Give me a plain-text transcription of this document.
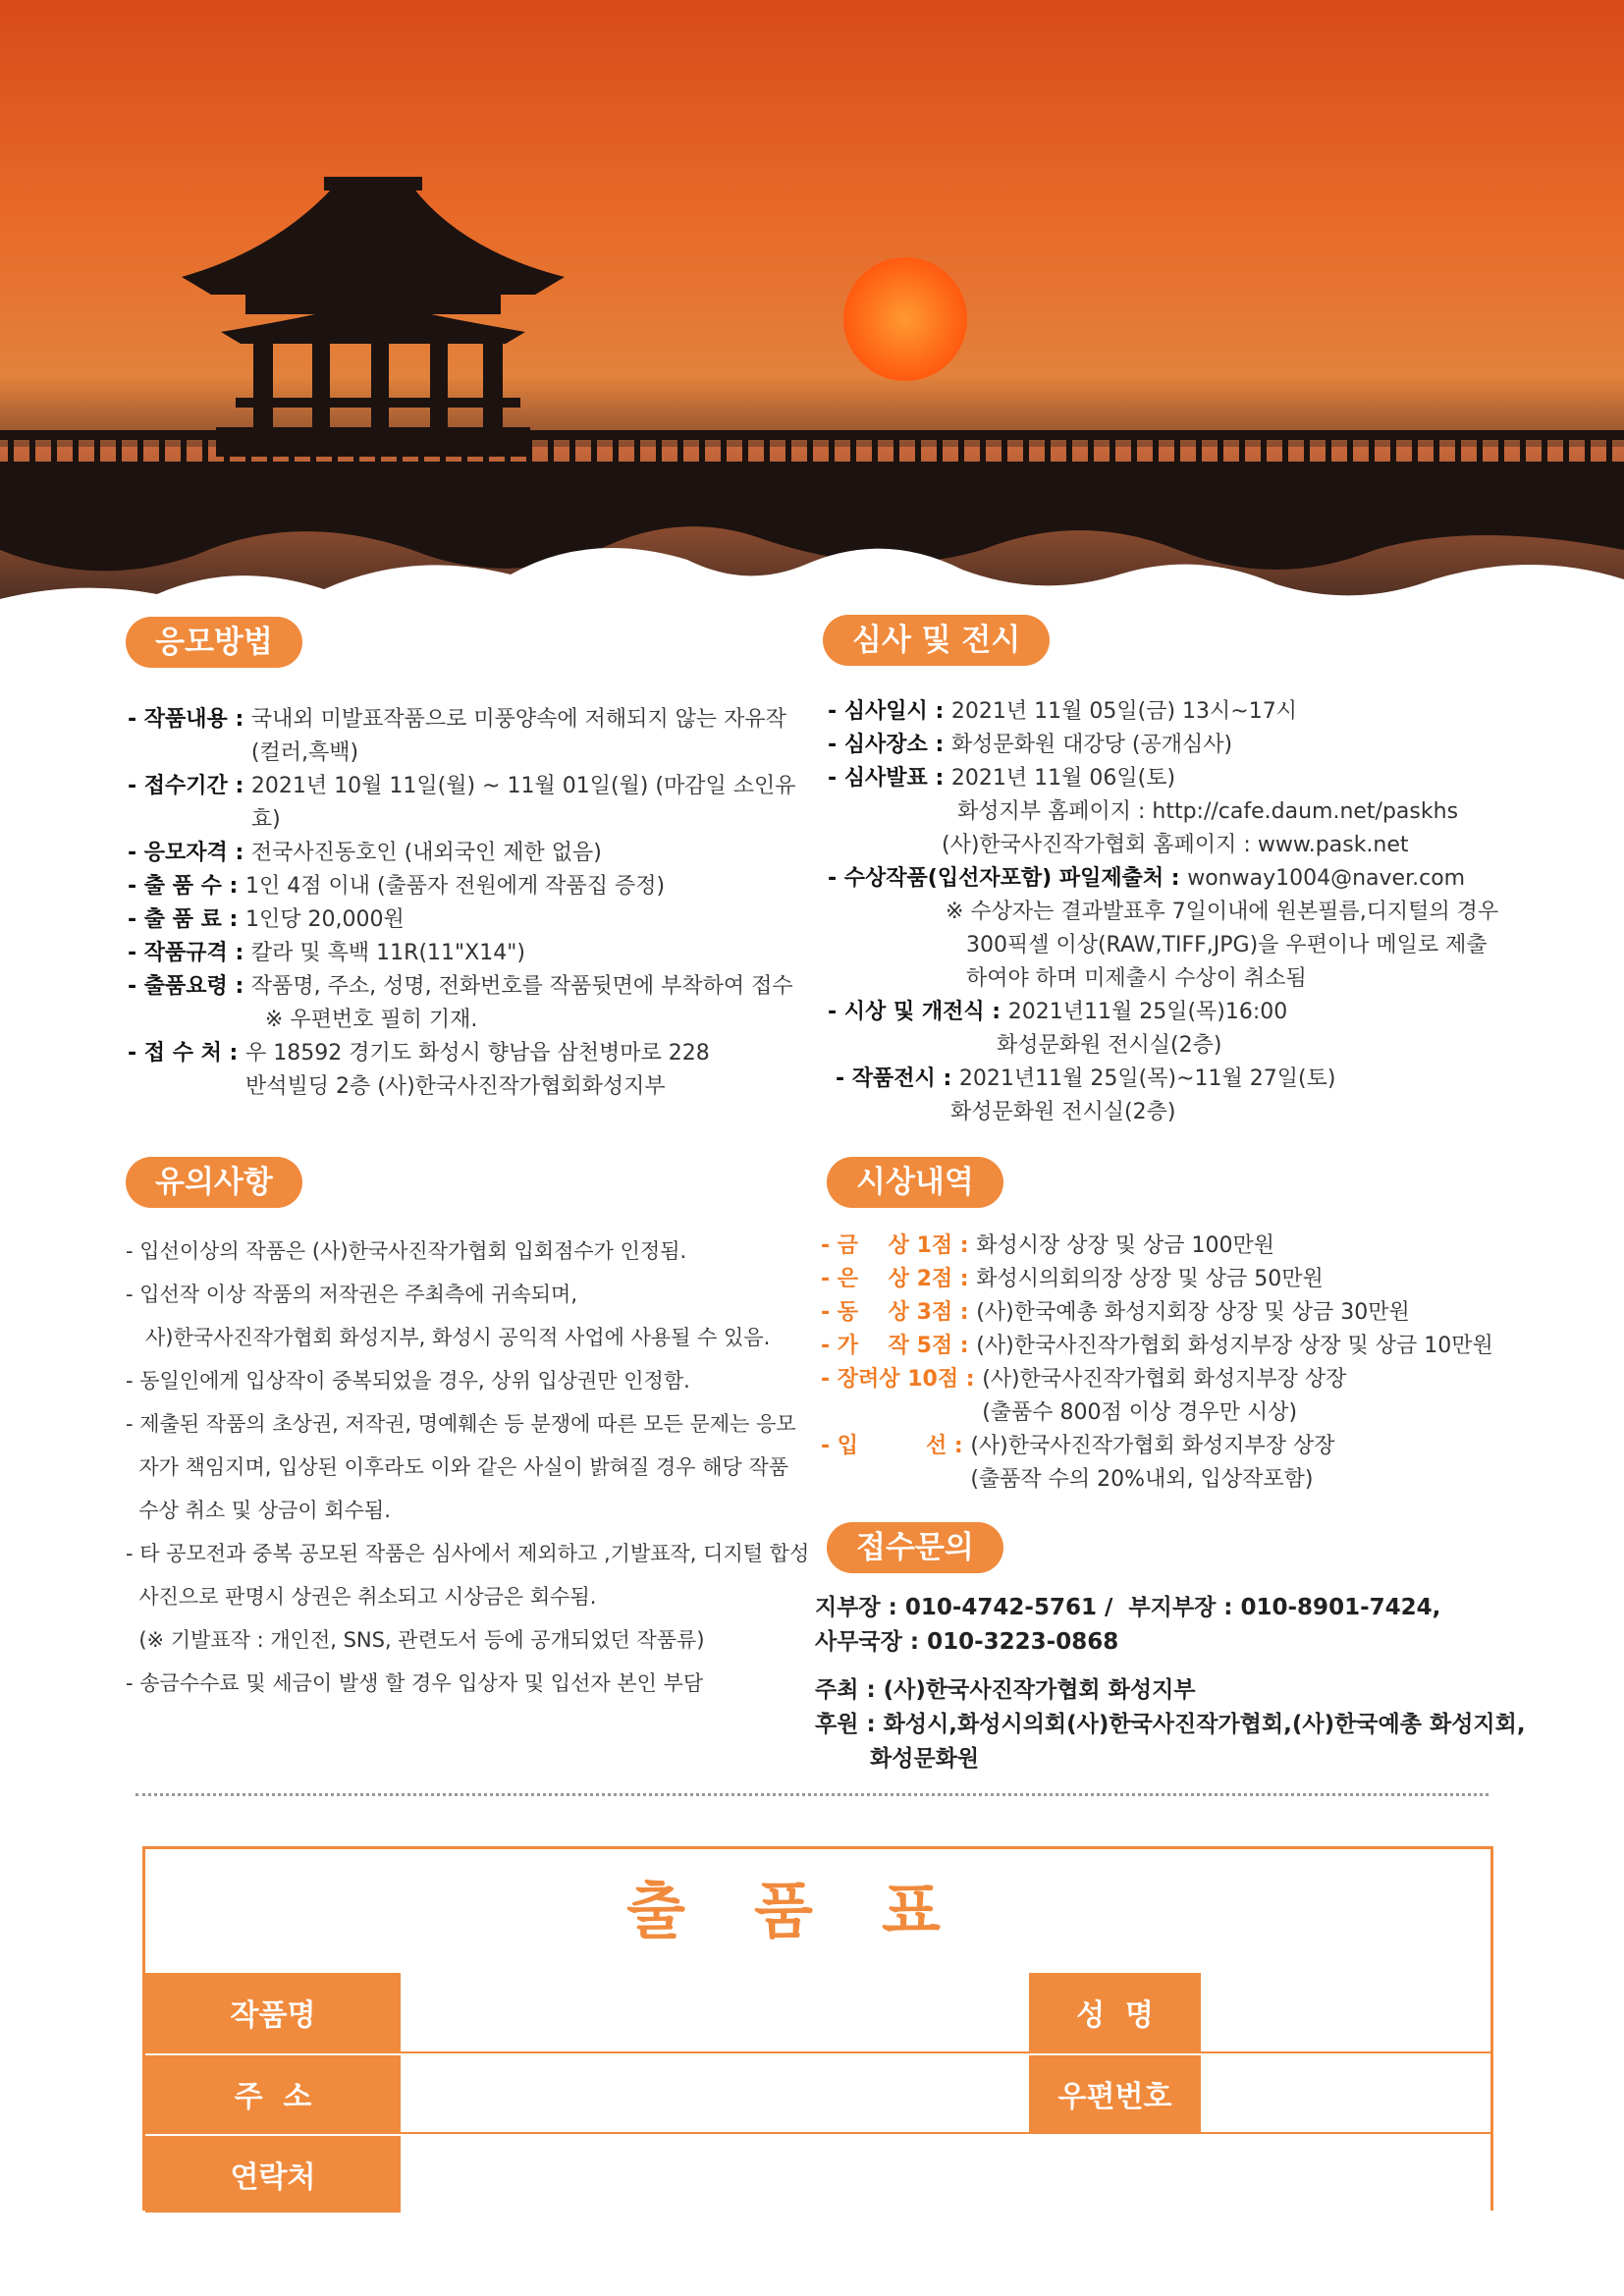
응모방법
- 작품내용 : 국내외 미발표작품으로 미풍양속에 저해되지 않는 자유작
(컬러,흑백)
- 접수기간 : 2021년 10월 11일(월) ~ 11월 01일(월) (마감일 소인유효)
- 응모자격 : 전국사진동호인 (내외국인 제한 없음)
- 출 품 수 : 1인 4점 이내 (출품자 전원에게 작품집 증정)
- 출 품 료 : 1인당 20,000원
- 작품규격 : 칼라 및 흑백 11R(11"X14")
- 출품요령 : 작품명, 주소, 성명, 전화번호를 작품뒷면에 부착하여 접수
※ 우편번호 필히 기재.
- 접 수 처 : 우 18592 경기도 화성시 향남읍 삼천병마로 228
반석빌딩 2층 (사)한국사진작가협회화성지부
심사 및 전시
- 심사일시 : 2021년 11월 05일(금) 13시~17시
- 심사장소 : 화성문화원 대강당 (공개심사)
- 심사발표 : 2021년 11월 06일(토)
화성지부 홈페이지 : http://cafe.daum.net/paskhs
(사)한국사진작가협회 홈페이지 : www.pask.net
- 수상작품(입선자포함) 파일제출처 : wonway1004@naver.com
※ 수상자는 결과발표후 7일이내에 원본필름,디지털의 경우
300픽셀 이상(RAW,TIFF,JPG)을 우편이나 메일로 제출
하여야 하며 미제출시 수상이 취소됨
- 시상 및 개전식 : 2021년11월 25일(목)16:00
화성문화원 전시실(2층)
- 작품전시 : 2021년11월 25일(목)~11월 27일(토)
화성문화원 전시실(2층)
유의사항
- 입선이상의 작품은 (사)한국사진작가협회 입회점수가 인정됨.
- 입선작 이상 작품의 저작권은 주최측에 귀속되며,
사)한국사진작가협회 화성지부, 화성시 공익적 사업에 사용될 수 있음.
- 동일인에게 입상작이 중복되었을 경우, 상위 입상권만 인정함.
- 제출된 작품의 초상권, 저작권, 명예훼손 등 분쟁에 따른 모든 문제는 응모
자가 책임지며, 입상된 이후라도 이와 같은 사실이 밝혀질 경우 해당 작품
수상 취소 및 상금이 회수됨.
- 타 공모전과 중복 공모된 작품은 심사에서 제외하고 ,기발표작, 디지털 합성
사진으로 판명시 상권은 취소되고 시상금은 회수됨.
(※ 기발표작 : 개인전, SNS, 관련도서 등에 공개되었던 작품류)
- 송금수수료 및 세금이 발생 할 경우 입상자 및 입선자 본인 부담
시상내역
- 금    상 1점 : 화성시장 상장 및 상금 100만원
- 은    상 2점 : 화성시의회의장 상장 및 상금 50만원
- 동    상 3점 : (사)한국예총 화성지회장 상장 및 상금 30만원
- 가    작 5점 : (사)한국사진작가협회 화성지부장 상장 및 상금 10만원
- 장려상 10점 : (사)한국사진작가협회 화성지부장 상장
(출품수 800점 이상 경우만 시상)
- 입         선 : (사)한국사진작가협회 화성지부장 상장
(출품작 수의 20%내외, 입상작포함)
접수문의
지부장 : 010-4742-5761 /  부지부장 : 010-8901-7424,
사무국장 : 010-3223-0868
주최 : (사)한국사진작가협회 화성지부
후원 : 화성시,화성시의회(사)한국사진작가협회,(사)한국예총 화성지회,
화성문화원
출품표
작품명	성  명
주  소	우편번호
연락처
